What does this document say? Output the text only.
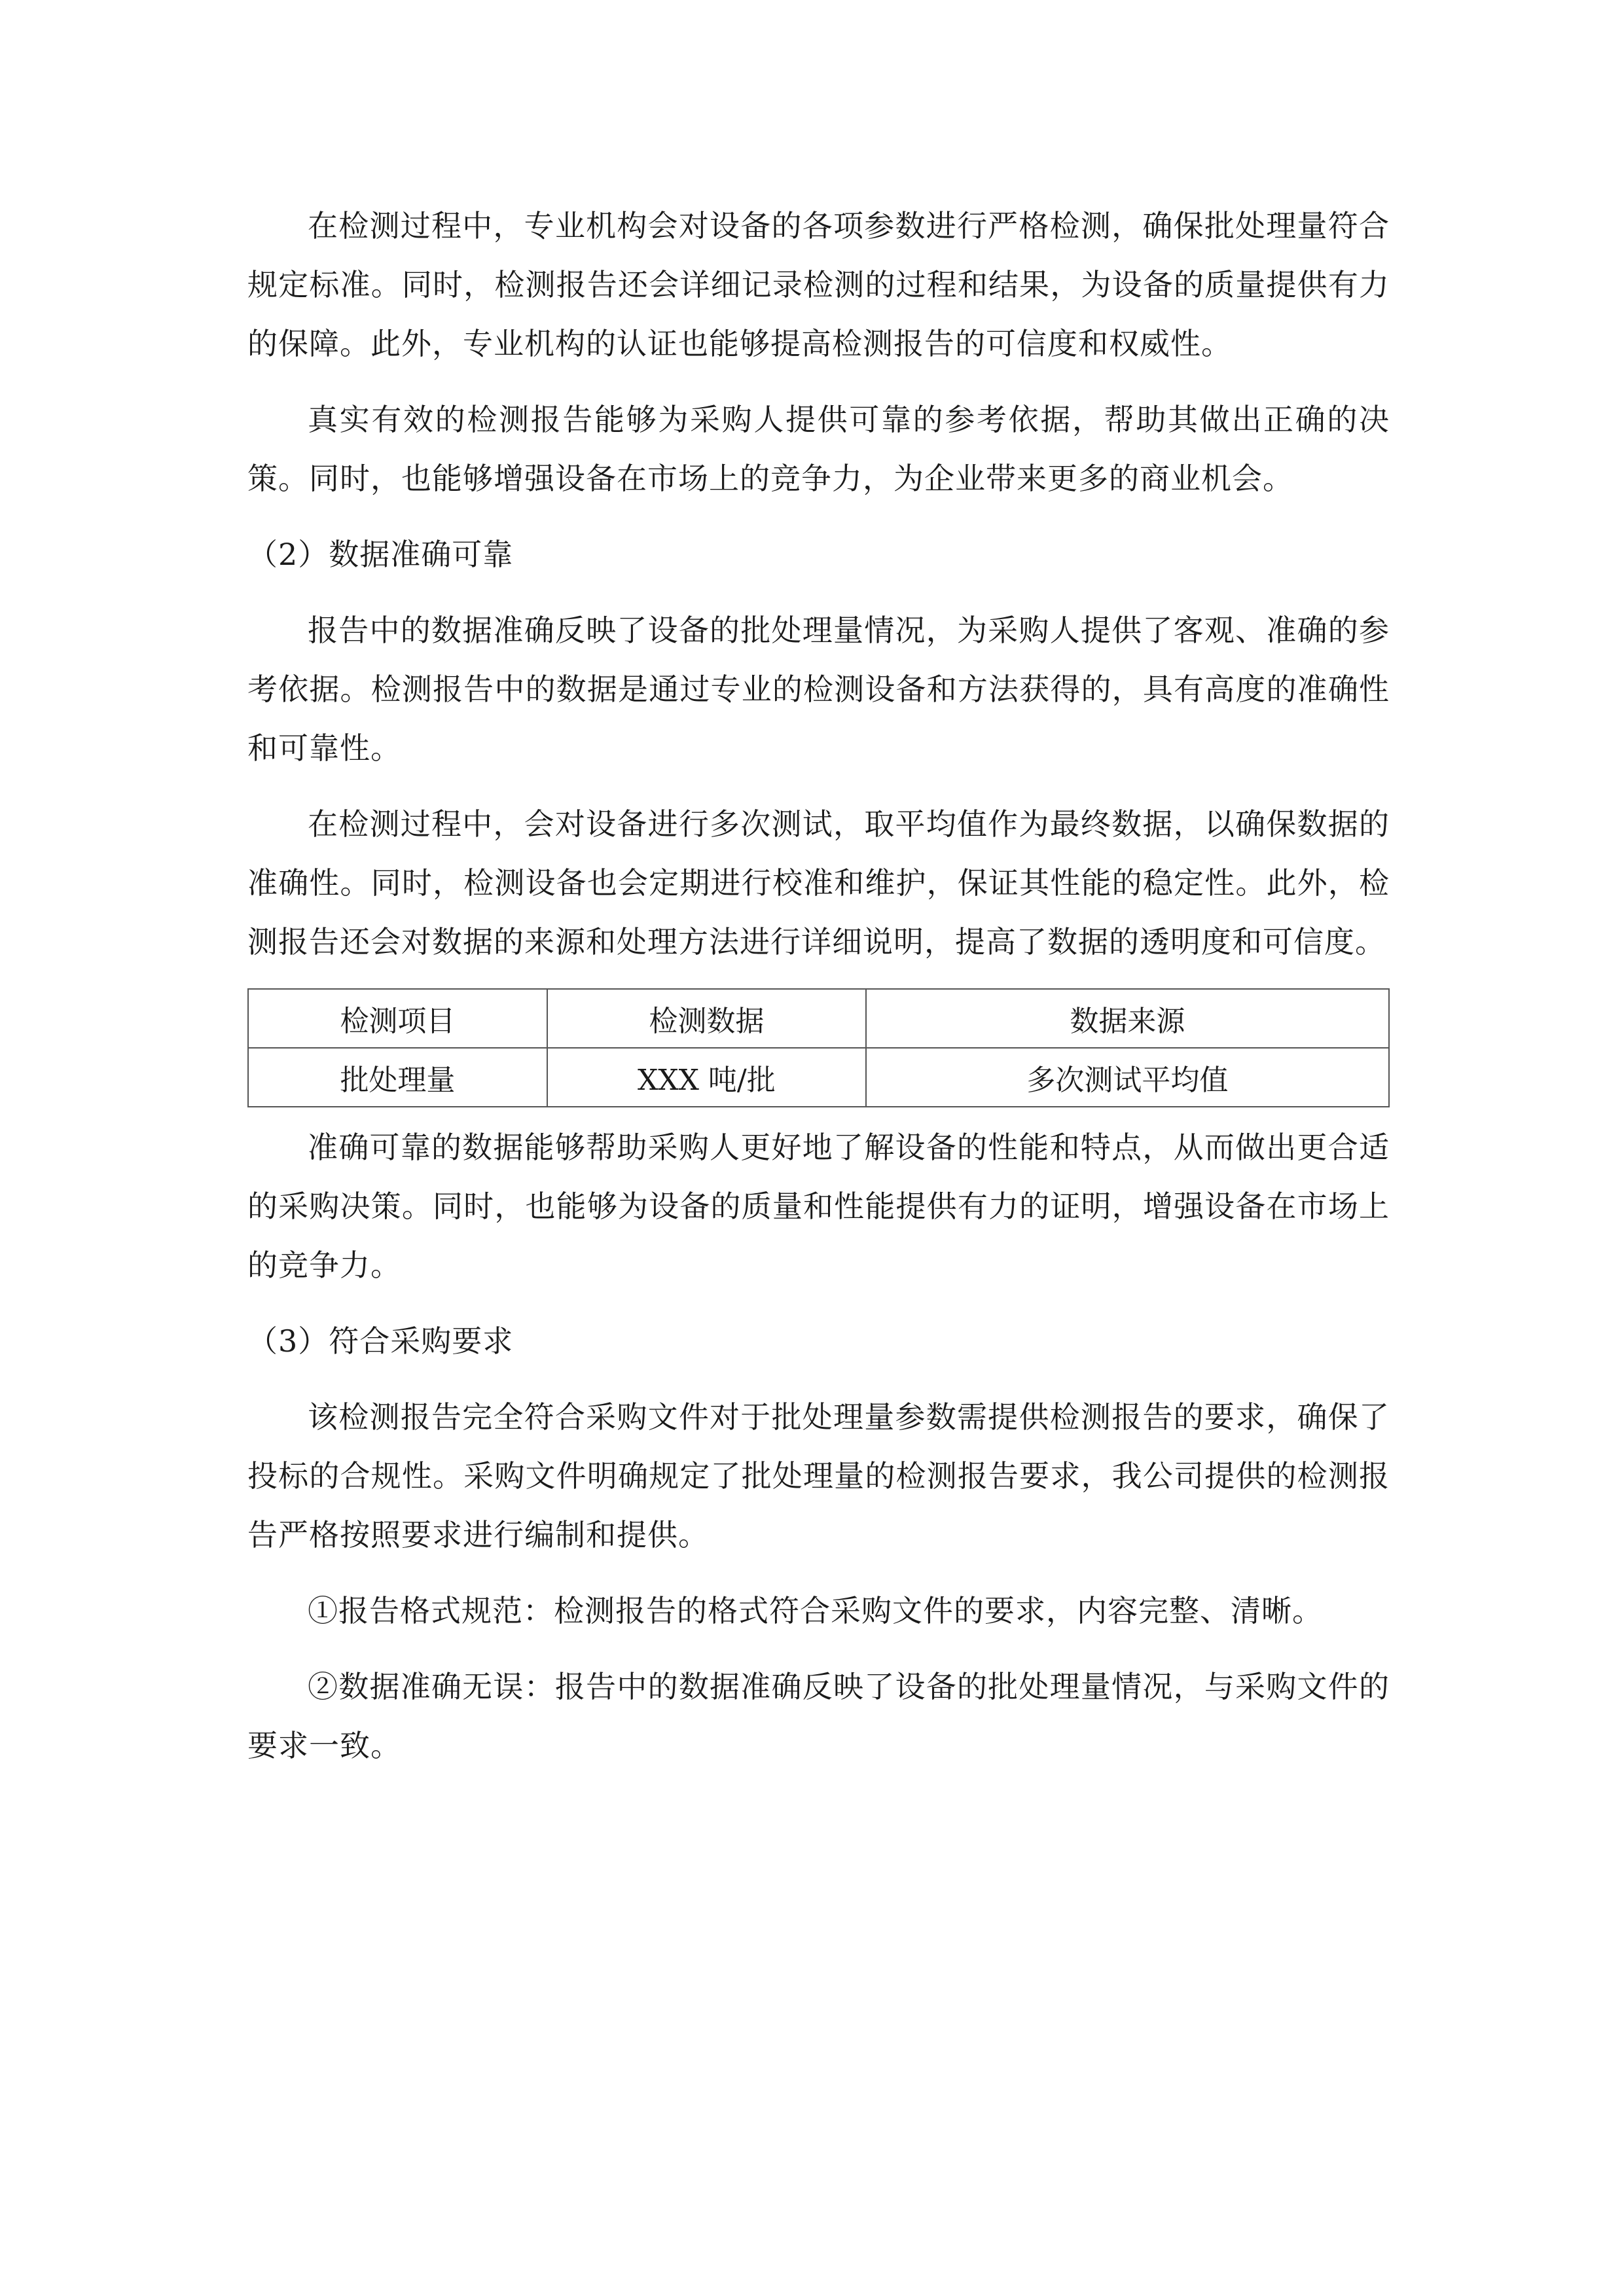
在检测过程中，专业机构会对设备的各项参数进行严格检测，确保批处理量符合规定标准。同时，检测报告还会详细记录检测的过程和结果，为设备的质量提供有力的保障。此外，专业机构的认证也能够提高检测报告的可信度和权威性。

真实有效的检测报告能够为采购人提供可靠的参考依据，帮助其做出正确的决策。同时，也能够增强设备在市场上的竞争力，为企业带来更多的商业机会。

（2）数据准确可靠

报告中的数据准确反映了设备的批处理量情况，为采购人提供了客观、准确的参考依据。检测报告中的数据是通过专业的检测设备和方法获得的，具有高度的准确性和可靠性。

在检测过程中，会对设备进行多次测试，取平均值作为最终数据，以确保数据的准确性。同时，检测设备也会定期进行校准和维护，保证其性能的稳定性。此外，检测报告还会对数据的来源和处理方法进行详细说明，提高了数据的透明度和可信度。

检测项目	检测数据	数据来源
批处理量	XXX 吨/批	多次测试平均值

准确可靠的数据能够帮助采购人更好地了解设备的性能和特点，从而做出更合适的采购决策。同时，也能够为设备的质量和性能提供有力的证明，增强设备在市场上的竞争力。

（3）符合采购要求

该检测报告完全符合采购文件对于批处理量参数需提供检测报告的要求，确保了投标的合规性。采购文件明确规定了批处理量的检测报告要求，我公司提供的检测报告严格按照要求进行编制和提供。

①报告格式规范：检测报告的格式符合采购文件的要求，内容完整、清晰。

②数据准确无误：报告中的数据准确反映了设备的批处理量情况，与采购文件的要求一致。
